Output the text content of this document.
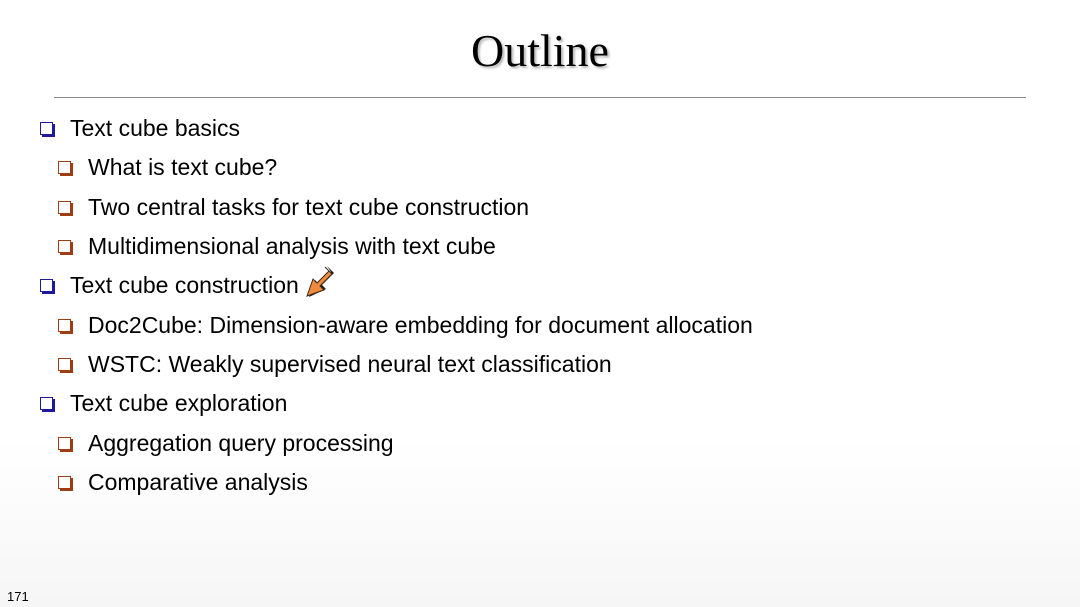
Outline
Text cube basics
What is text cube?
Two central tasks for text cube construction
Multidimensional analysis with text cube
Text cube construction
Doc2Cube: Dimension-aware embedding for document allocation
WSTC: Weakly supervised neural text classification
Text cube exploration
Aggregation query processing
Comparative analysis
171
